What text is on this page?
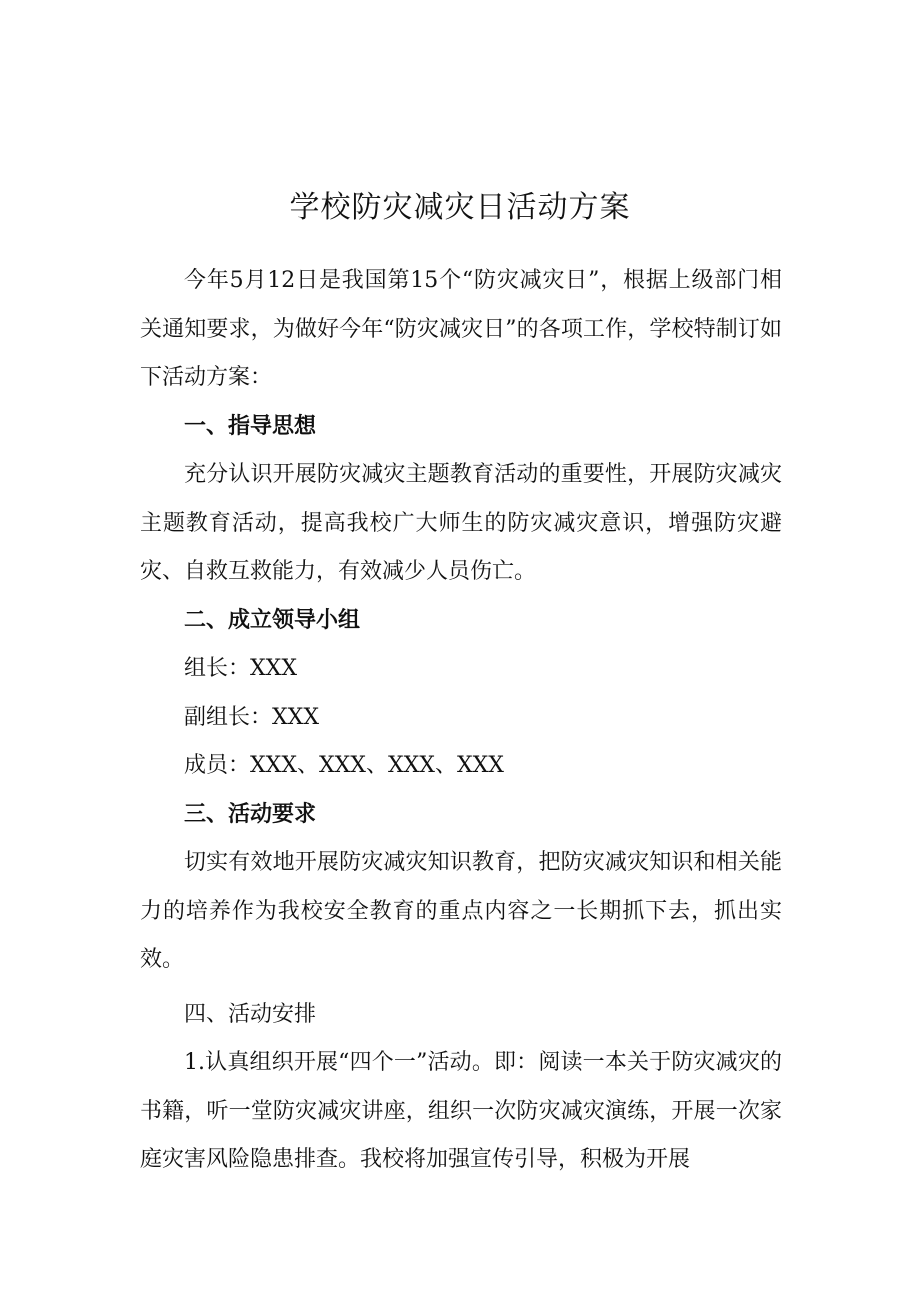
学校防灾减灾日活动方案

今年5月12日是我国第15个“防灾减灾日”，根据上级部门相关通知要求，为做好今年“防灾减灾日”的各项工作，学校特制订如下活动方案：

一、指导思想

充分认识开展防灾减灾主题教育活动的重要性，开展防灾减灾主题教育活动，提高我校广大师生的防灾减灾意识，增强防灾避灾、自救互救能力，有效减少人员伤亡。

二、成立领导小组

组长：XXX

副组长：XXX

成员：XXX、XXX、XXX、XXX

三、活动要求

切实有效地开展防灾减灾知识教育，把防灾减灾知识和相关能力的培养作为我校安全教育的重点内容之一长期抓下去，抓出实效。

四、活动安排

1.认真组织开展“四个一”活动。即：阅读一本关于防灾减灾的书籍，听一堂防灾减灾讲座，组织一次防灾减灾演练，开展一次家庭灾害风险隐患排查。我校将加强宣传引导，积极为开展
